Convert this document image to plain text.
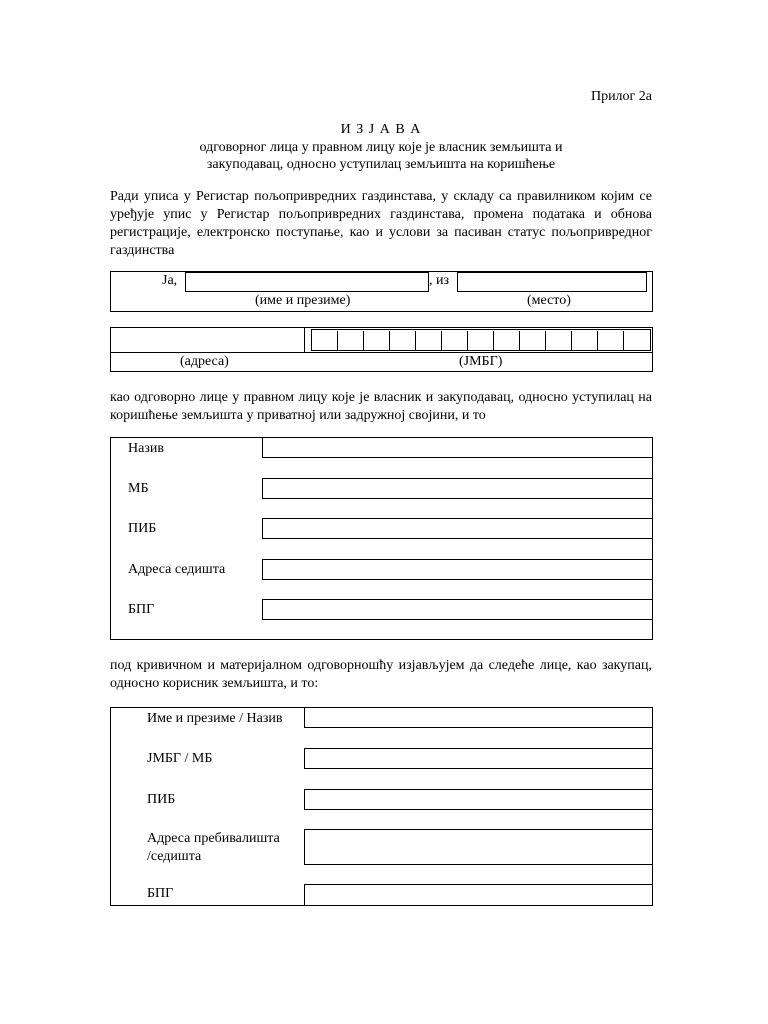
Прилог 2а
И З Ј А В А
одговорног лица у правном лицу које је власник земљишта и
закуподавац, односно уступилац земљишта на коришћење
Ради уписа у Регистар пољопривредних газдинстава, у складу са правилником којим се уређује упис у Регистар пољопривредних газдинстава, промена података и обнова регистрације, електронско поступање, као и услови за пасиван статус пољопривредног газдинства
Ја,	, из
(име и презиме)	(место)
(адреса)	(ЈМБГ)
као одговорно лице у правном лицу које је власник и закуподавац, односно уступилац на коришћење земљишта у приватној или задружној својини, и то
Назив
МБ
ПИБ
Адреса седишта
БПГ
под кривичном и материјалном одговорношћу изјављујем да следеће лице, као закупац, односно корисник земљишта, и то:
Име и презиме / Назив
ЈМБГ / МБ
ПИБ
Адреса пребивалишта
/седишта
БПГ
